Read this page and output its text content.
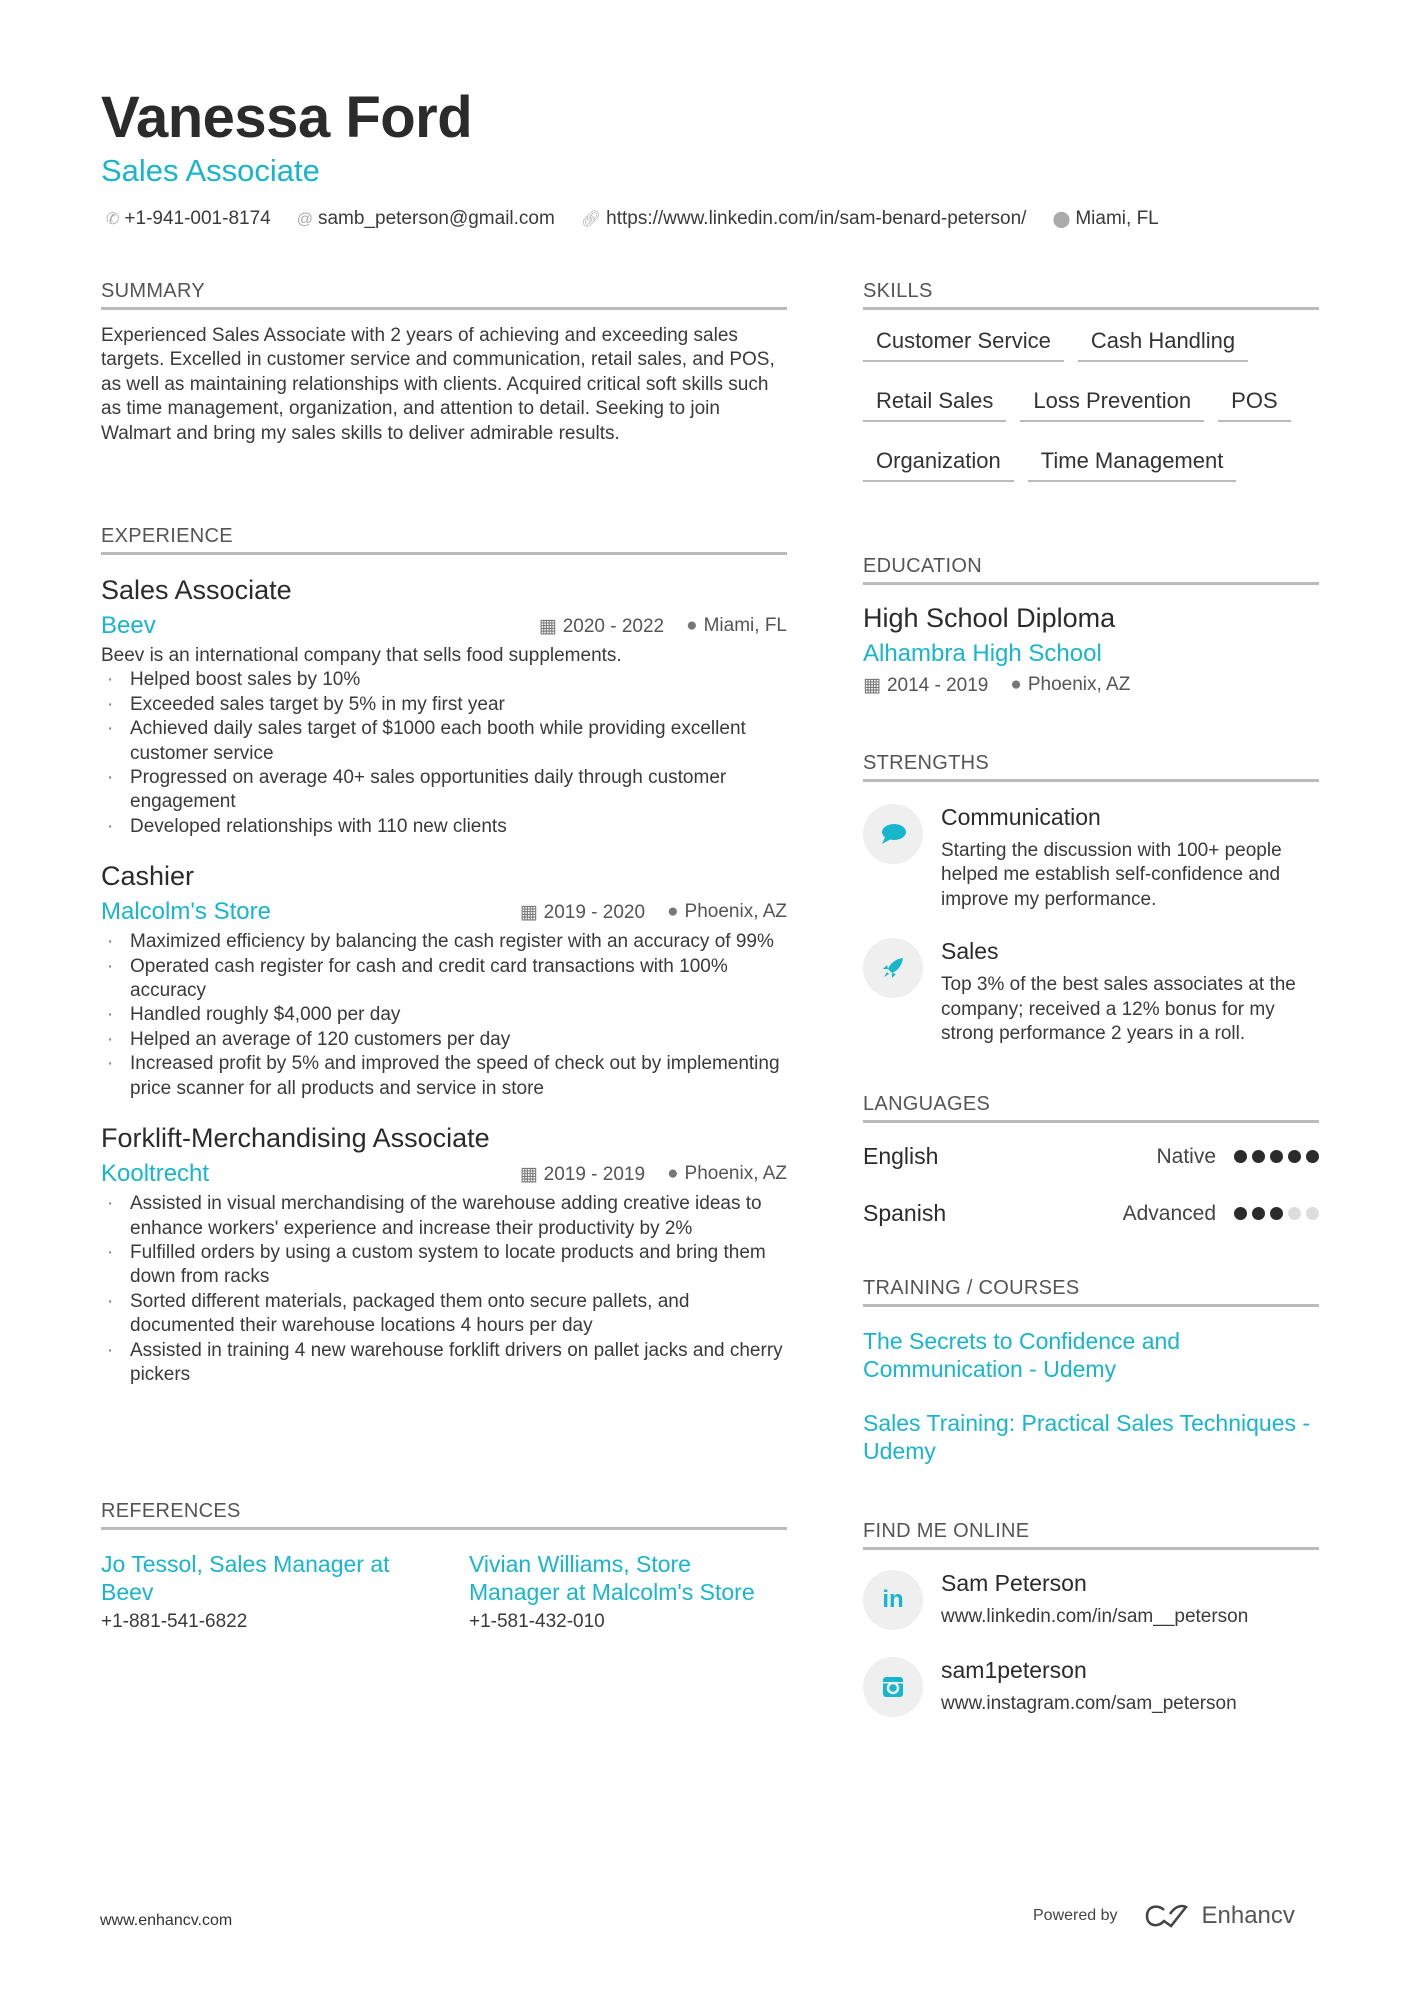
Vanessa Ford
Sales Associate
✆ +1-941-001-8174 @ samb_peterson@gmail.com 🔗︎ https://www.linkedin.com/in/sam-benard-peterson/ ⬤ Miami, FL
SUMMARY

Experienced Sales Associate with 2 years of achieving and exceeding sales targets. Excelled in customer service and communication, retail sales, and POS, as well as maintaining relationships with clients. Acquired critical soft skills such as time management, organization, and attention to detail. Seeking to join Walmart and bring my sales skills to deliver admirable results.

EXPERIENCE
Sales Associate
Beev	▦ 2020 - 2022 ● Miami, FL
Beev is an international company that sells food supplements.
· Helped boost sales by 10%
· Exceeded sales target by 5% in my first year
· Achieved daily sales target of $1000 each booth while providing excellent customer service
· Progressed on average 40+ sales opportunities daily through customer engagement
· Developed relationships with 110 new clients
Cashier
Malcolm's Store	▦ 2019 - 2020 ● Phoenix, AZ
· Maximized efficiency by balancing the cash register with an accuracy of 99%
· Operated cash register for cash and credit card transactions with 100% accuracy
· Handled roughly $4,000 per day
· Helped an average of 120 customers per day
· Increased profit by 5% and improved the speed of check out by implementing price scanner for all products and service in store
Forklift-Merchandising Associate
Kooltrecht	▦ 2019 - 2019 ● Phoenix, AZ
· Assisted in visual merchandising of the warehouse adding creative ideas to enhance workers' experience and increase their productivity by 2%
· Fulfilled orders by using a custom system to locate products and bring them down from racks
· Sorted different materials, packaged them onto secure pallets, and documented their warehouse locations 4 hours per day
· Assisted in training 4 new warehouse forklift drivers on pallet jacks and cherry pickers
REFERENCES
Jo Tessol, Sales Manager at Beev
+1-881-541-6822
Vivian Williams, Store Manager at Malcolm's Store
+1-581-432-010
SKILLS
Customer Service	Cash Handling
Retail Sales	Loss Prevention	POS
Organization	Time Management
EDUCATION
High School Diploma
Alhambra High School
▦ 2014 - 2019 ● Phoenix, AZ
STRENGTHS
Communication
Starting the discussion with 100+ people helped me establish self-confidence and improve my performance.
Sales
Top 3% of the best sales associates at the company; received a 12% bonus for my strong performance 2 years in a roll.
LANGUAGES
English	Native
Spanish	Advanced
TRAINING / COURSES
The Secrets to Confidence and Communication - Udemy
Sales Training: Practical Sales Techniques - Udemy
FIND ME ONLINE
in
Sam Peterson
www.linkedin.com/in/sam__peterson
sam1peterson
www.instagram.com/sam_peterson
www.enhancv.com	Powered by	Enhancv
